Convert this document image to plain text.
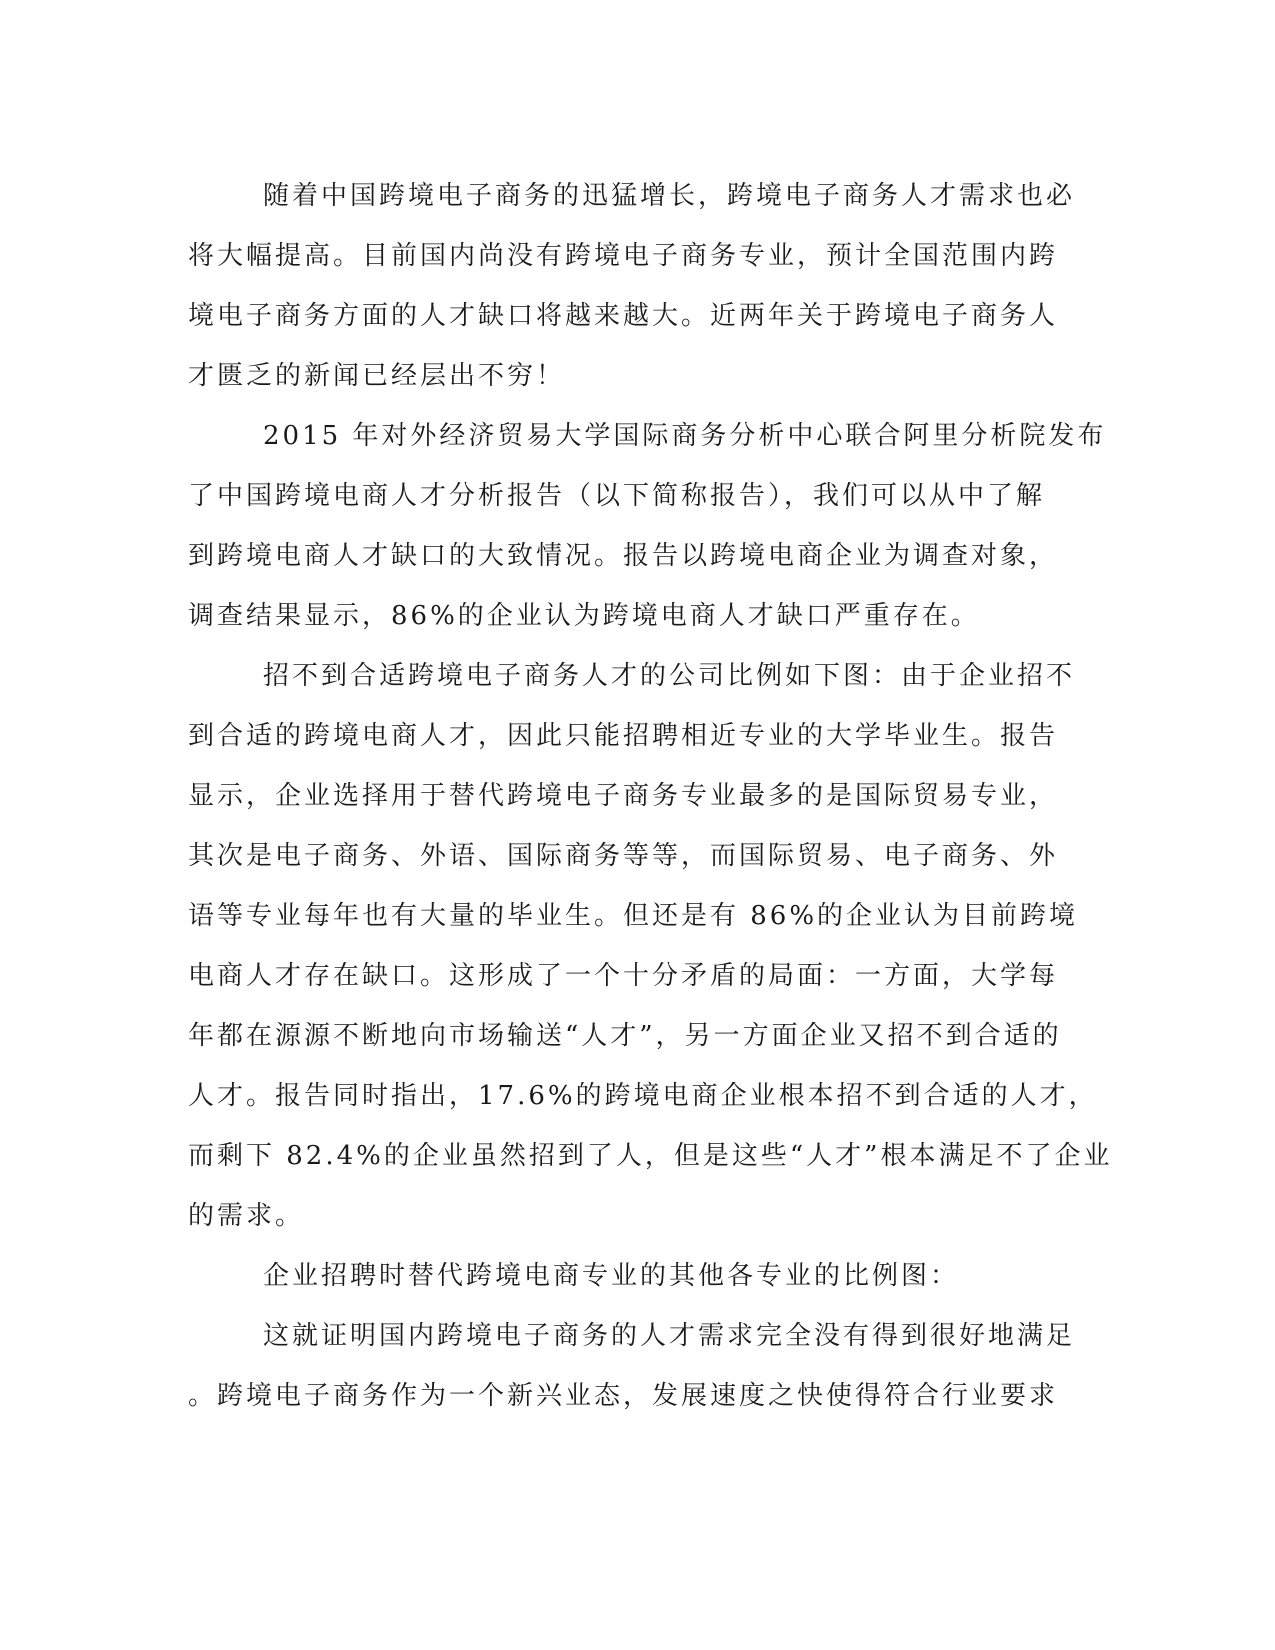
随着中国跨境电子商务的迅猛增长，跨境电子商务人才需求也必
将大幅提高。目前国内尚没有跨境电子商务专业，预计全国范围内跨
境电子商务方面的人才缺口将越来越大。近两年关于跨境电子商务人
才匮乏的新闻已经层出不穷！
2015 年对外经济贸易大学国际商务分析中心联合阿里分析院发布
了中国跨境电商人才分析报告（以下简称报告），我们可以从中了解
到跨境电商人才缺口的大致情况。报告以跨境电商企业为调查对象，
调查结果显示，86%的企业认为跨境电商人才缺口严重存在。
招不到合适跨境电子商务人才的公司比例如下图：由于企业招不
到合适的跨境电商人才，因此只能招聘相近专业的大学毕业生。报告
显示，企业选择用于替代跨境电子商务专业最多的是国际贸易专业，
其次是电子商务、外语、国际商务等等，而国际贸易、电子商务、外
语等专业每年也有大量的毕业生。但还是有 86%的企业认为目前跨境
电商人才存在缺口。这形成了一个十分矛盾的局面：一方面，大学每
年都在源源不断地向市场输送“人才”，另一方面企业又招不到合适的
人才。报告同时指出，17.6%的跨境电商企业根本招不到合适的人才，
而剩下 82.4%的企业虽然招到了人，但是这些“人才”根本满足不了企业
的需求。
企业招聘时替代跨境电商专业的其他各专业的比例图：
这就证明国内跨境电子商务的人才需求完全没有得到很好地满足
。跨境电子商务作为一个新兴业态，发展速度之快使得符合行业要求
